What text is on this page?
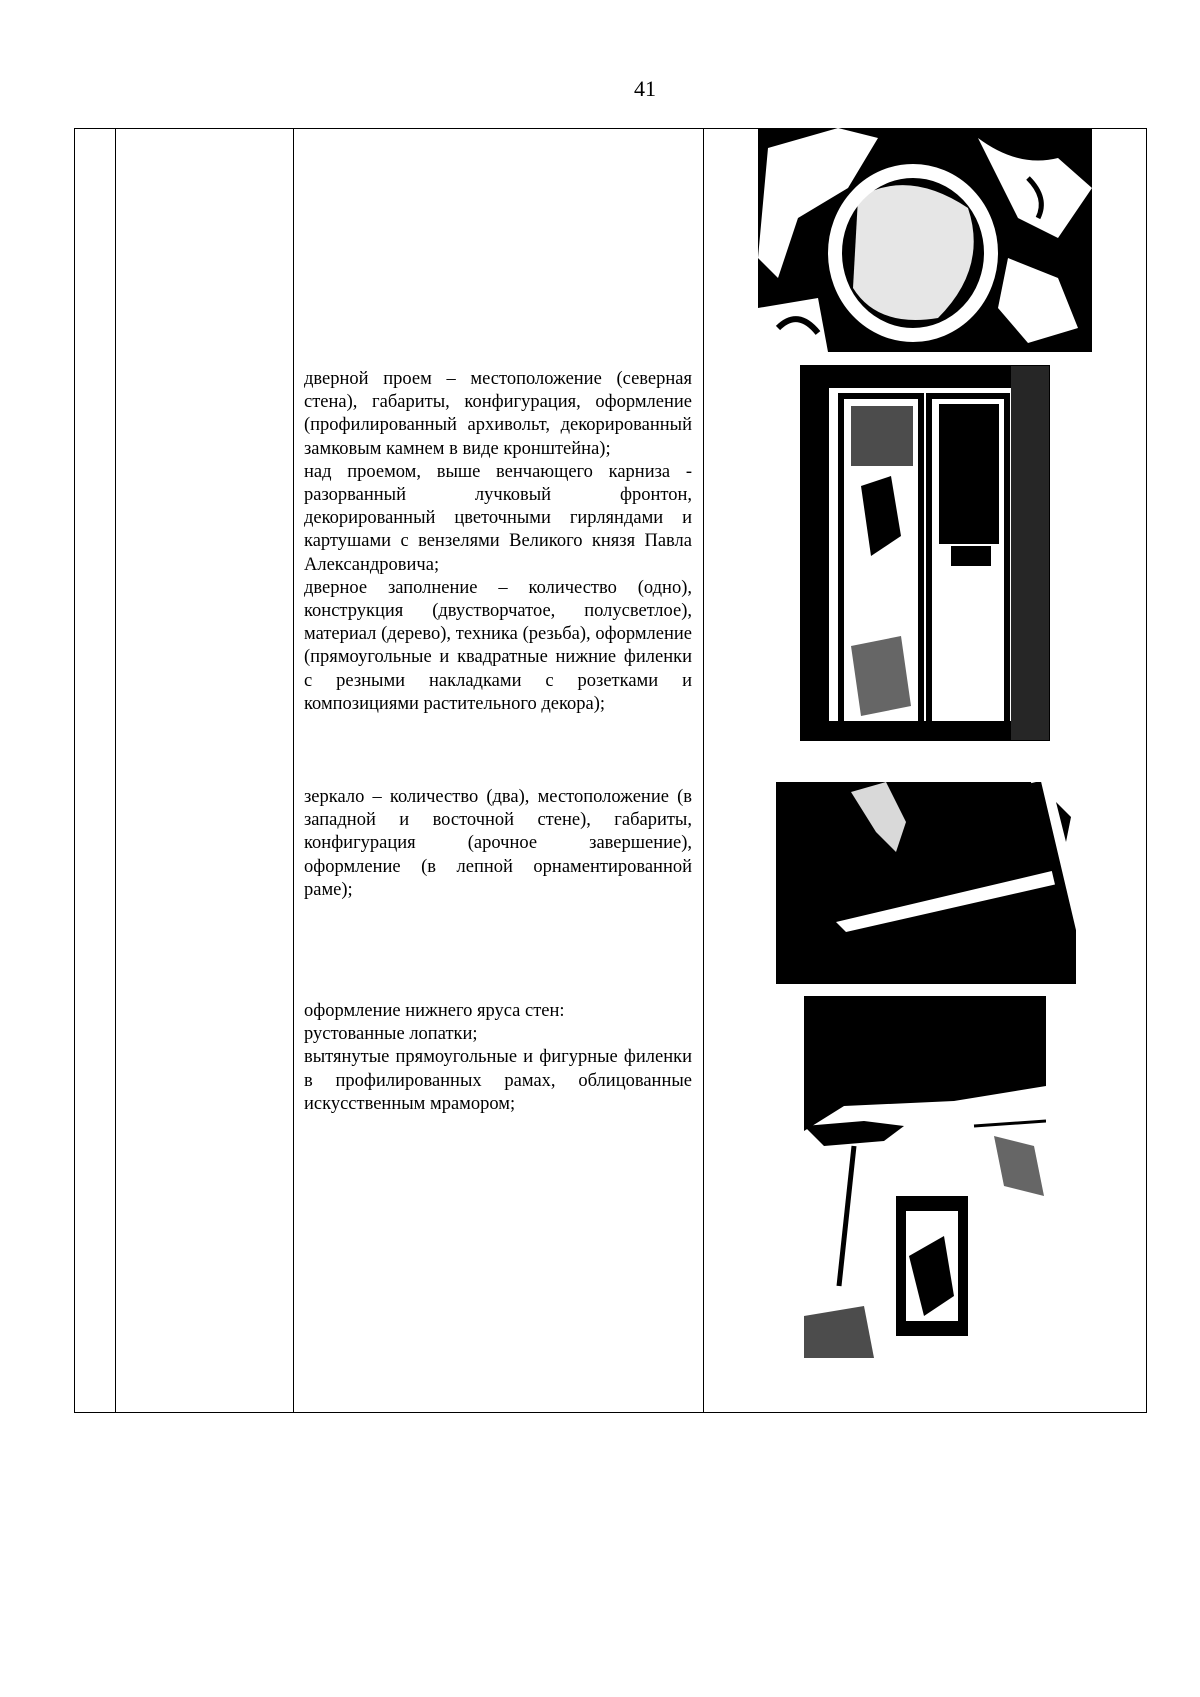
41

дверной проем – местоположение (северная стена), габариты, конфигурация, оформление (профилированный архивольт, декорированный замковым камнем в виде кронштейна);

над проемом, выше венчающего карниза - разорванный лучковый фронтон, декорированный цветочными гирляндами и картушами с вензелями Великого князя Павла Александровича;

дверное заполнение – количество (одно), конструкция (двустворчатое, полусветлое), материал (дерево), техника (резьба), оформление (прямоугольные и квадратные нижние филенки с резными накладками с розетками и композициями растительного декора);

зеркало – количество (два), местоположение (в западной и восточной стене), габариты, конфигурация (арочное завершение), оформление (в лепной орнаментированной раме);

оформление нижнего яруса стен:

рустованные лопатки;

вытянутые прямоугольные и фигурные филенки в профилированных рамах, облицованные искусственным мрамором;
